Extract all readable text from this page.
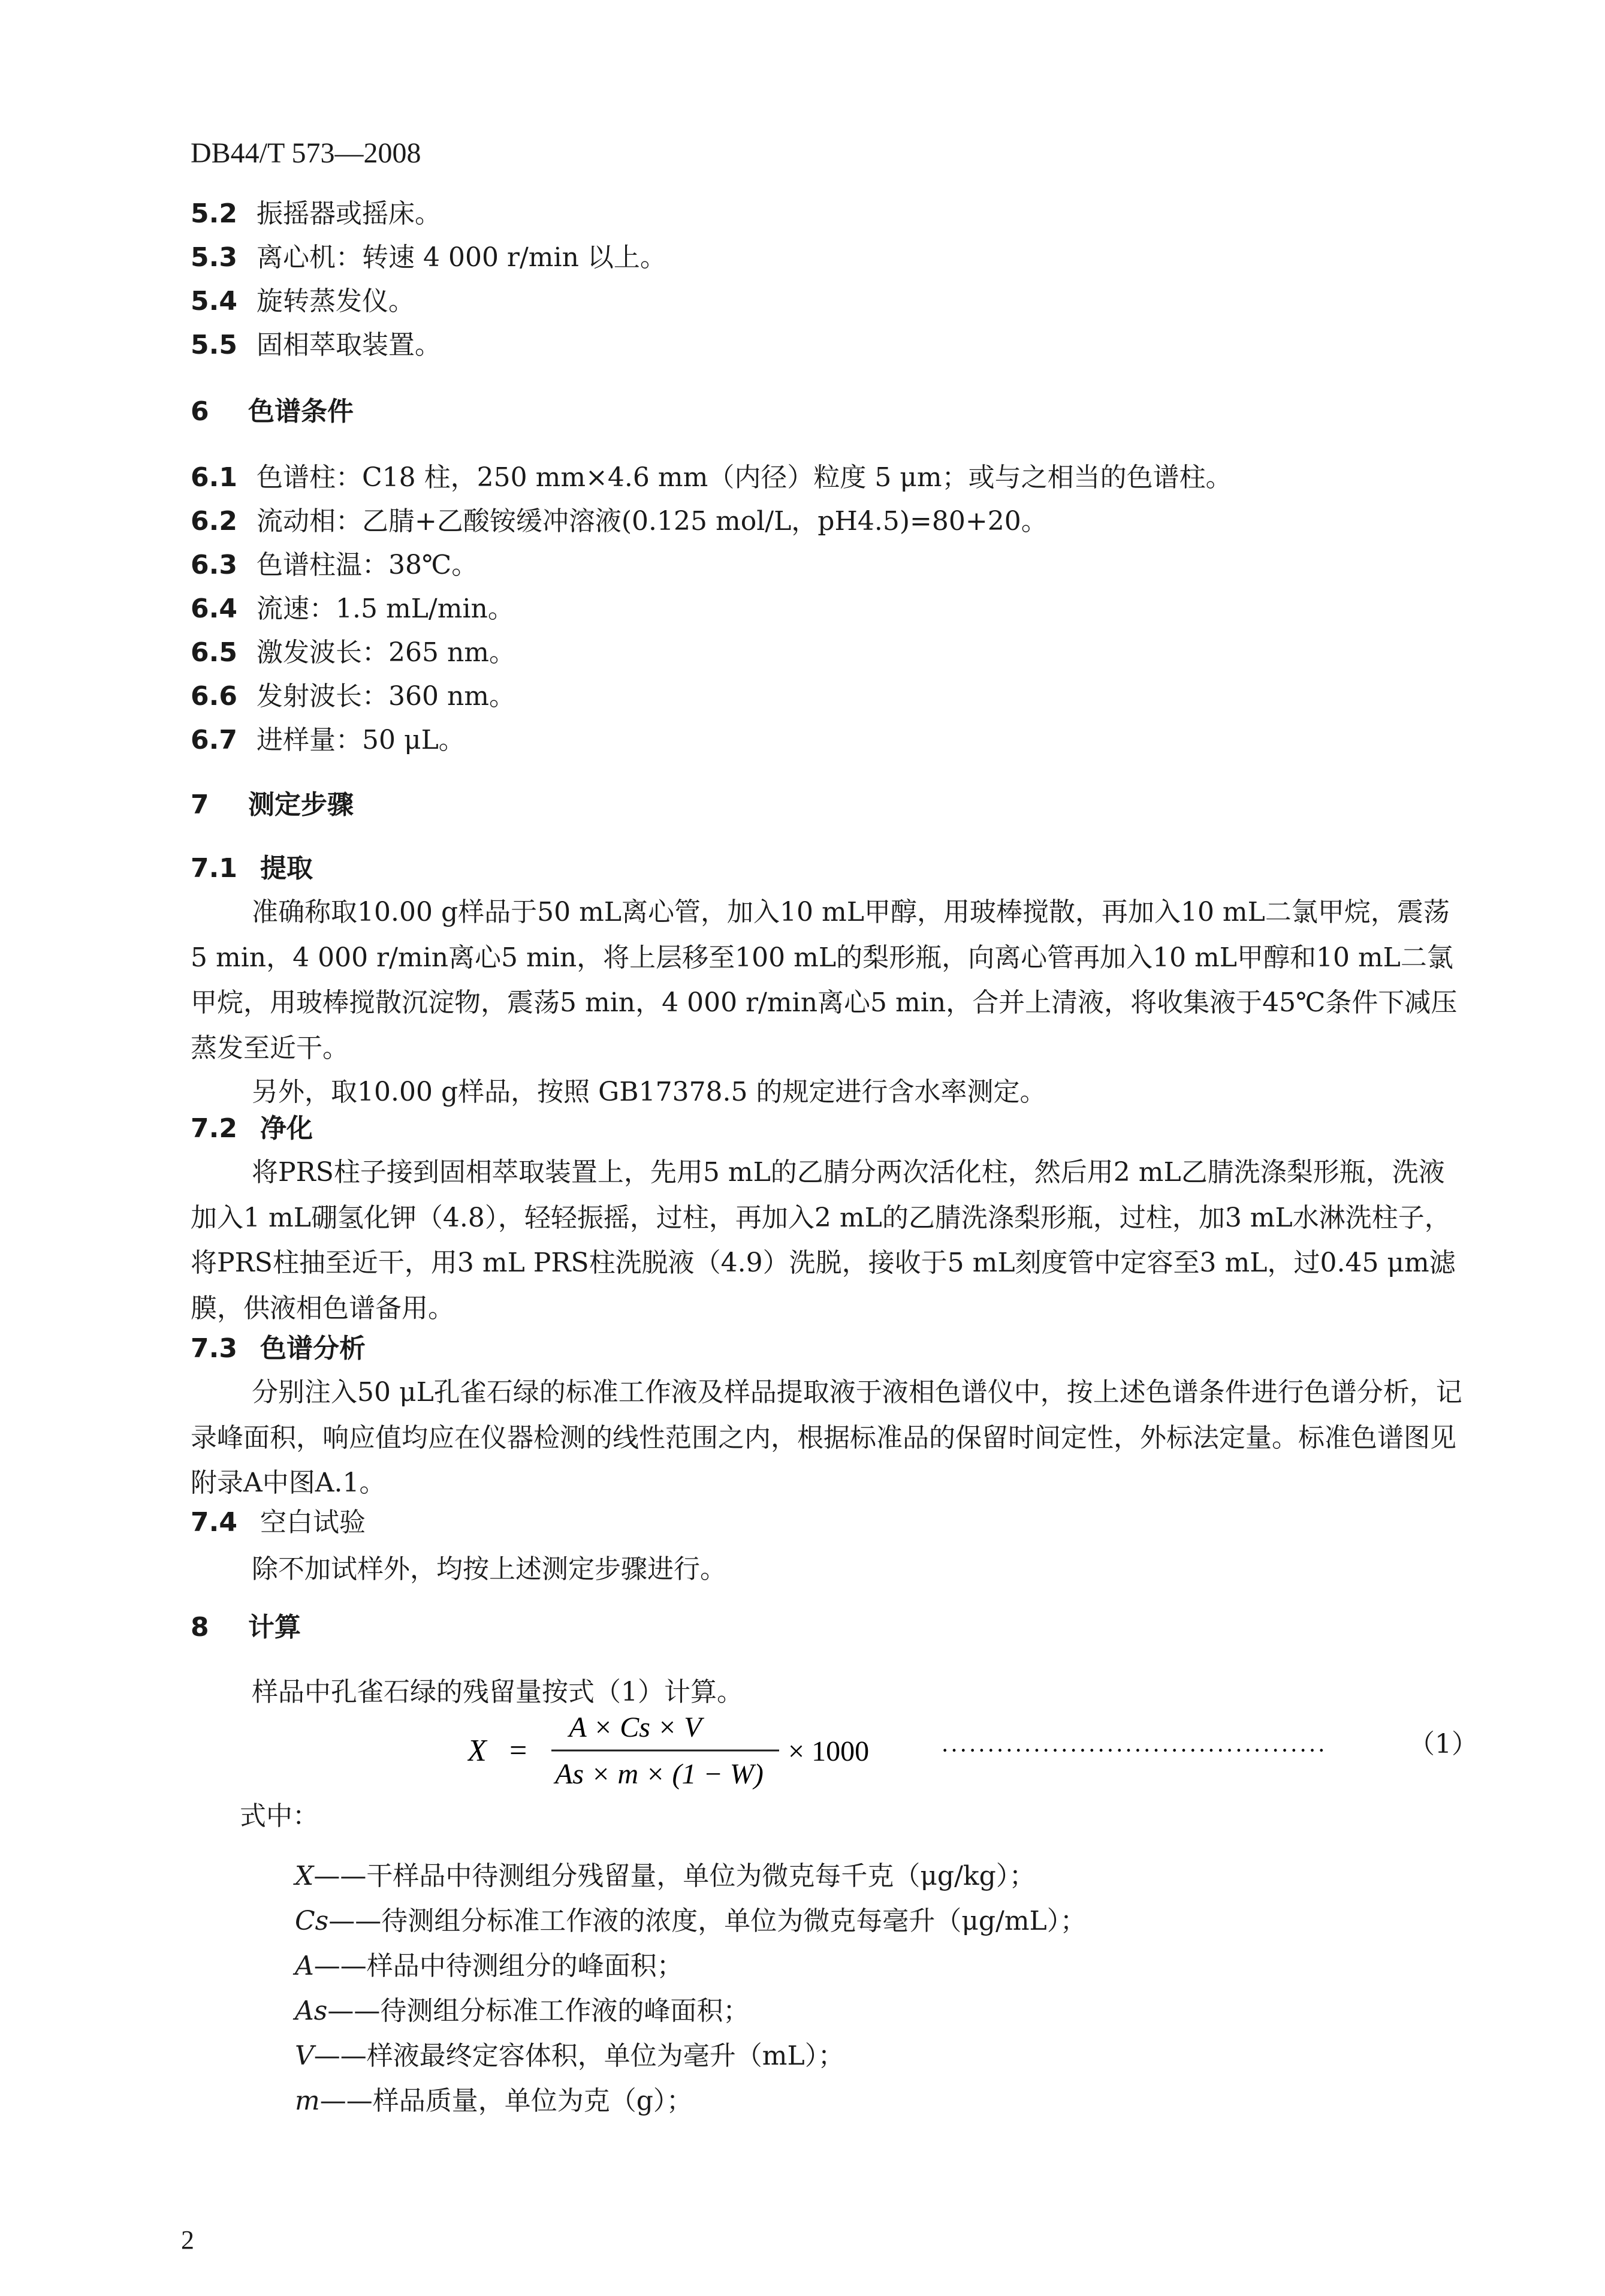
DB44/T 573—2008
5.2 振摇器或摇床。
5.3 离心机：转速 4 000 r/min 以上。
5.4 旋转蒸发仪。
5.5 固相萃取装置。
6 色谱条件
6.1 色谱柱：C18 柱，250 mm×4.6 mm（内径）粒度 5 μm；或与之相当的色谱柱。
6.2 流动相：乙腈+乙酸铵缓冲溶液(0.125 mol/L，pH4.5)=80+20。
6.3 色谱柱温：38℃。
6.4 流速：1.5 mL/min。
6.5 激发波长：265 nm。
6.6 发射波长：360 nm。
6.7 进样量：50 μL。
7 测定步骤
7.1 提取
准确称取10.00 g样品于50 mL离心管，加入10 mL甲醇，用玻棒搅散，再加入10 mL二氯甲烷，震荡5 min，4 000 r/min离心5 min，将上层移至100 mL的梨形瓶，向离心管再加入10 mL甲醇和10 mL二氯甲烷，用玻棒搅散沉淀物，震荡5 min，4 000 r/min离心5 min，合并上清液，将收集液于45℃条件下减压蒸发至近干。
另外，取10.00 g样品，按照 GB17378.5 的规定进行含水率测定。
7.2 净化
将PRS柱子接到固相萃取装置上，先用5 mL的乙腈分两次活化柱，然后用2 mL乙腈洗涤梨形瓶，洗液加入1 mL硼氢化钾（4.8），轻轻振摇，过柱，再加入2 mL的乙腈洗涤梨形瓶，过柱，加3 mL水淋洗柱子，将PRS柱抽至近干，用3 mL PRS柱洗脱液（4.9）洗脱，接收于5 mL刻度管中定容至3 mL，过0.45 μm滤膜，供液相色谱备用。
7.3 色谱分析
分别注入50 μL孔雀石绿的标准工作液及样品提取液于液相色谱仪中，按上述色谱条件进行色谱分析，记录峰面积，响应值均应在仪器检测的线性范围之内，根据标准品的保留时间定性，外标法定量。标准色谱图见附录A中图A.1。
7.4 空白试验
除不加试样外，均按上述测定步骤进行。
8 计算
样品中孔雀石绿的残留量按式（1）计算。
X =
A × Cs × V
As × m × (1 − W)
× 1000	··········································	（1）
式中：
X——干样品中待测组分残留量，单位为微克每千克（μg/kg）；
Cs——待测组分标准工作液的浓度，单位为微克每毫升（μg/mL）；
A——样品中待测组分的峰面积；
As——待测组分标准工作液的峰面积；
V——样液最终定容体积，单位为毫升（mL）；
m——样品质量，单位为克（g）；
2
